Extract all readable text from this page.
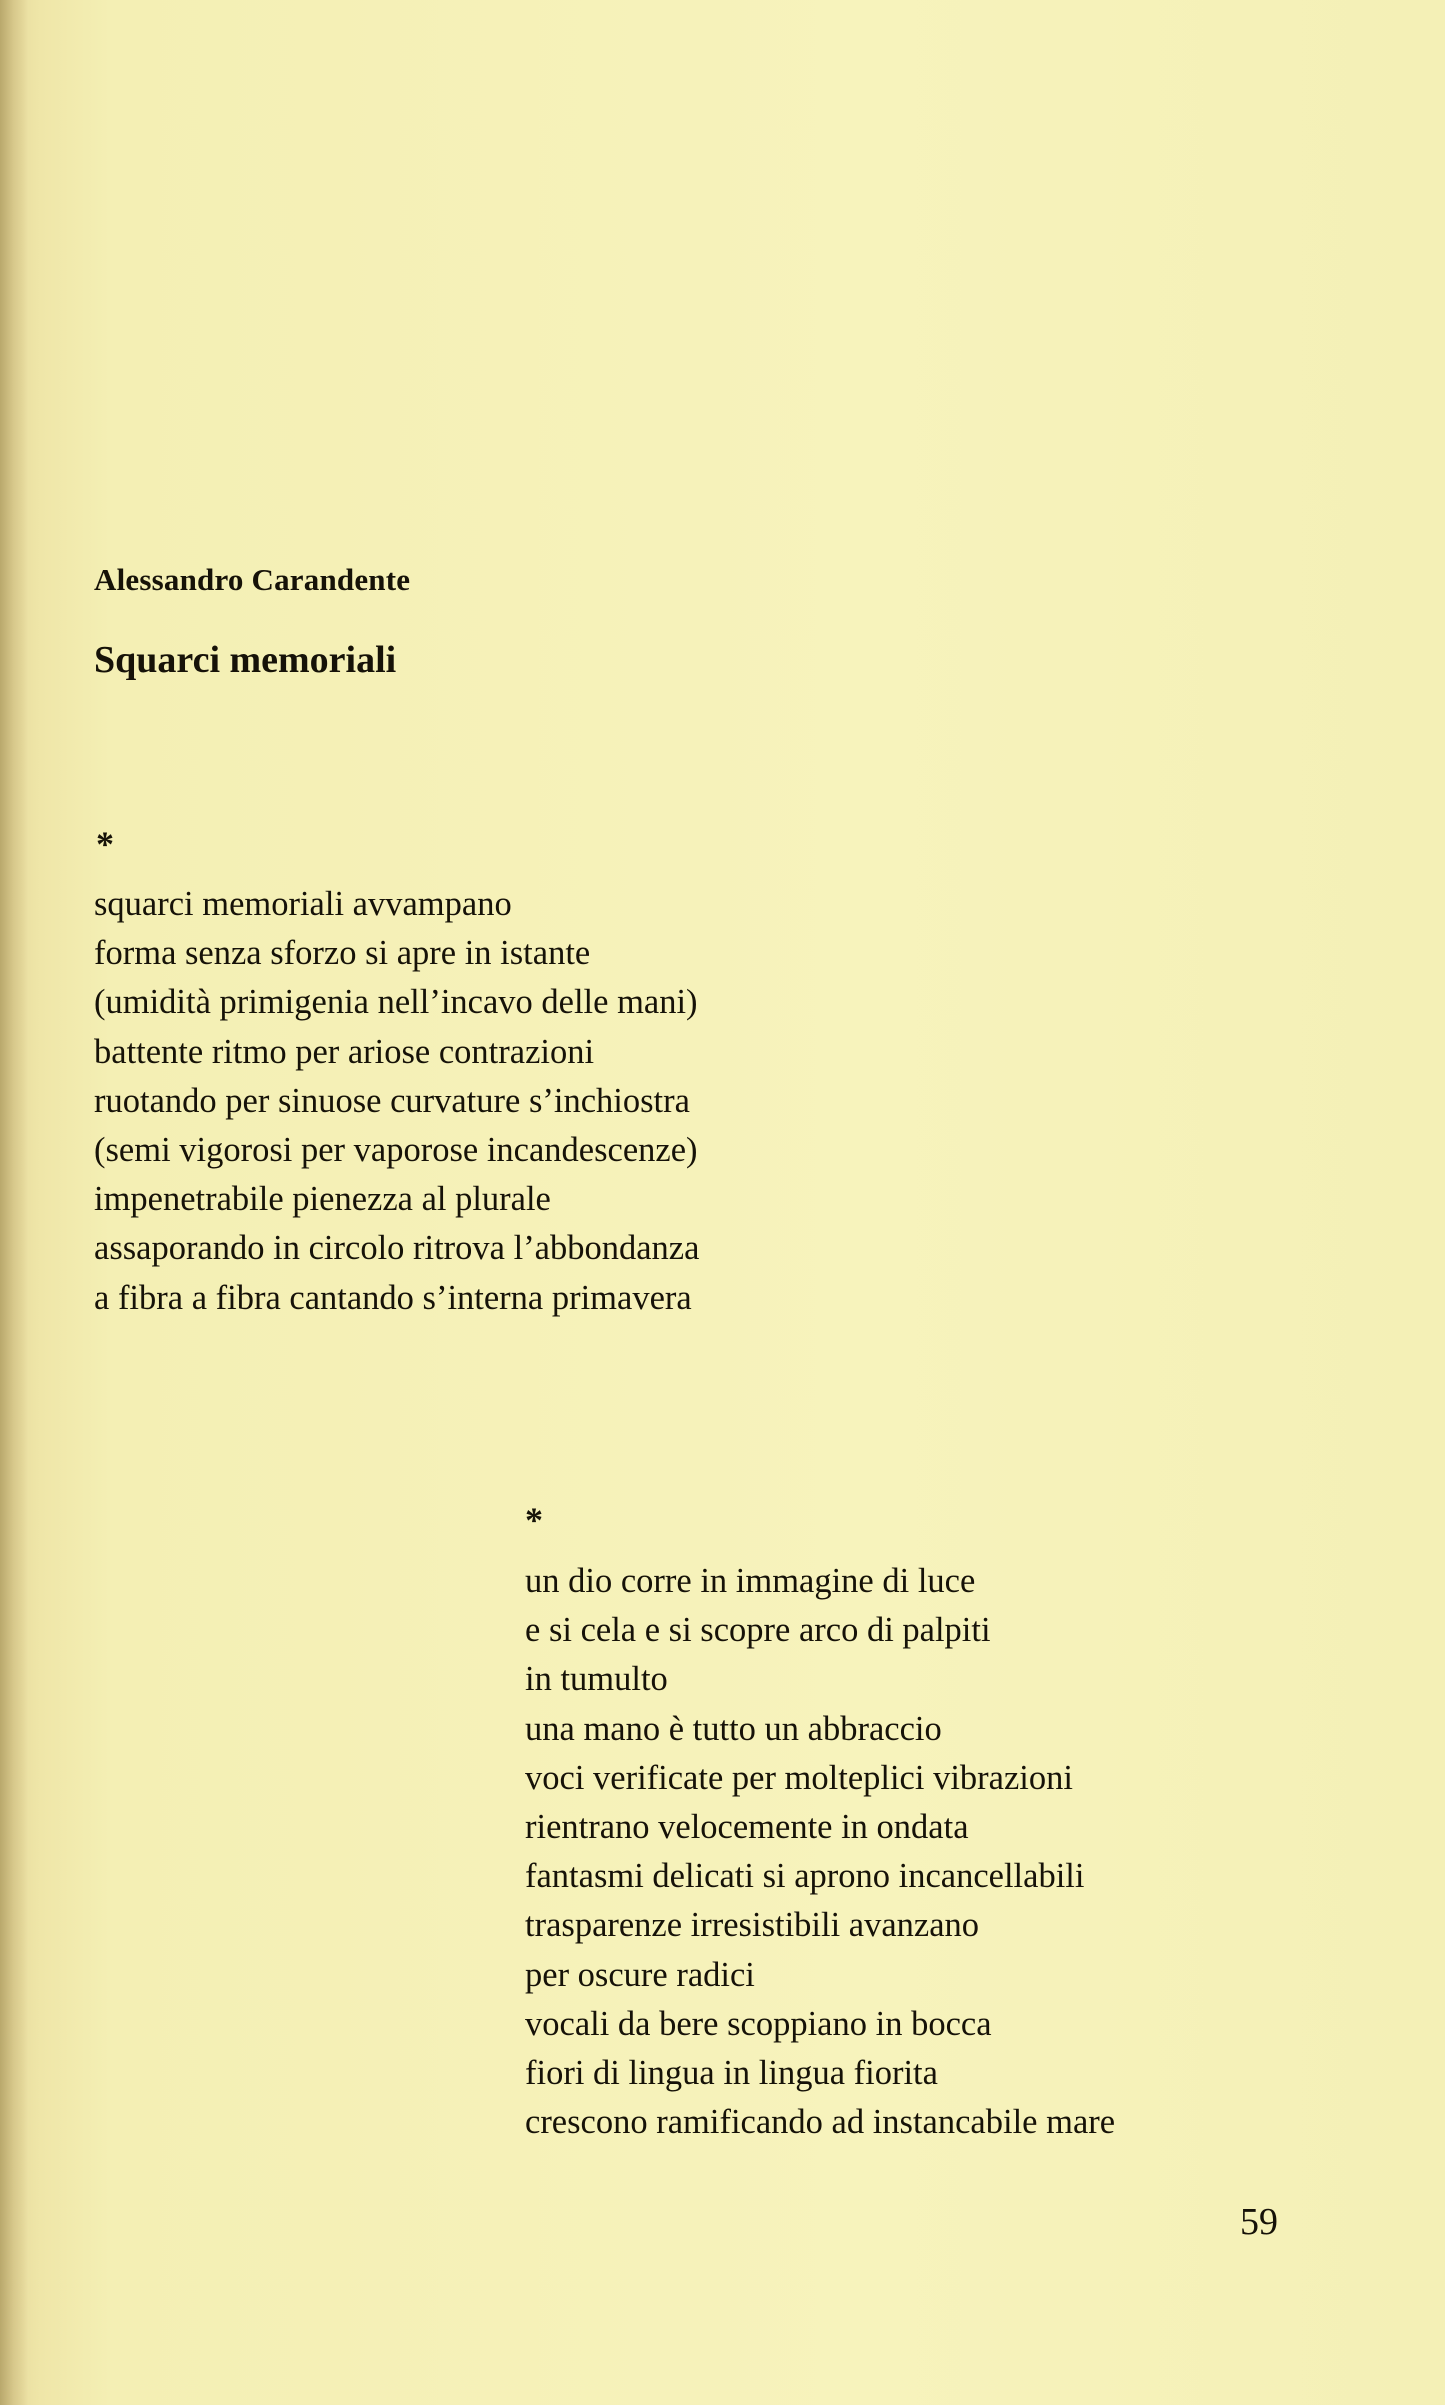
Alessandro Carandente
Squarci memoriali
*
squarci memoriali avvampano
forma senza sforzo si apre in istante
(umidità primigenia nell’incavo delle mani)
battente ritmo per ariose contrazioni
ruotando per sinuose curvature s’inchiostra
(semi vigorosi per vaporose incandescenze)
impenetrabile pienezza al plurale
assaporando in circolo ritrova l’abbondanza
a fibra a fibra cantando s’interna primavera
*
un dio corre in immagine di luce
e si cela e si scopre arco di palpiti
in tumulto
una mano è tutto un abbraccio
voci verificate per molteplici vibrazioni
rientrano velocemente in ondata
fantasmi delicati si aprono incancellabili
trasparenze irresistibili avanzano
per oscure radici
vocali da bere scoppiano in bocca
fiori di lingua in lingua fiorita
crescono ramificando ad instancabile mare
59
